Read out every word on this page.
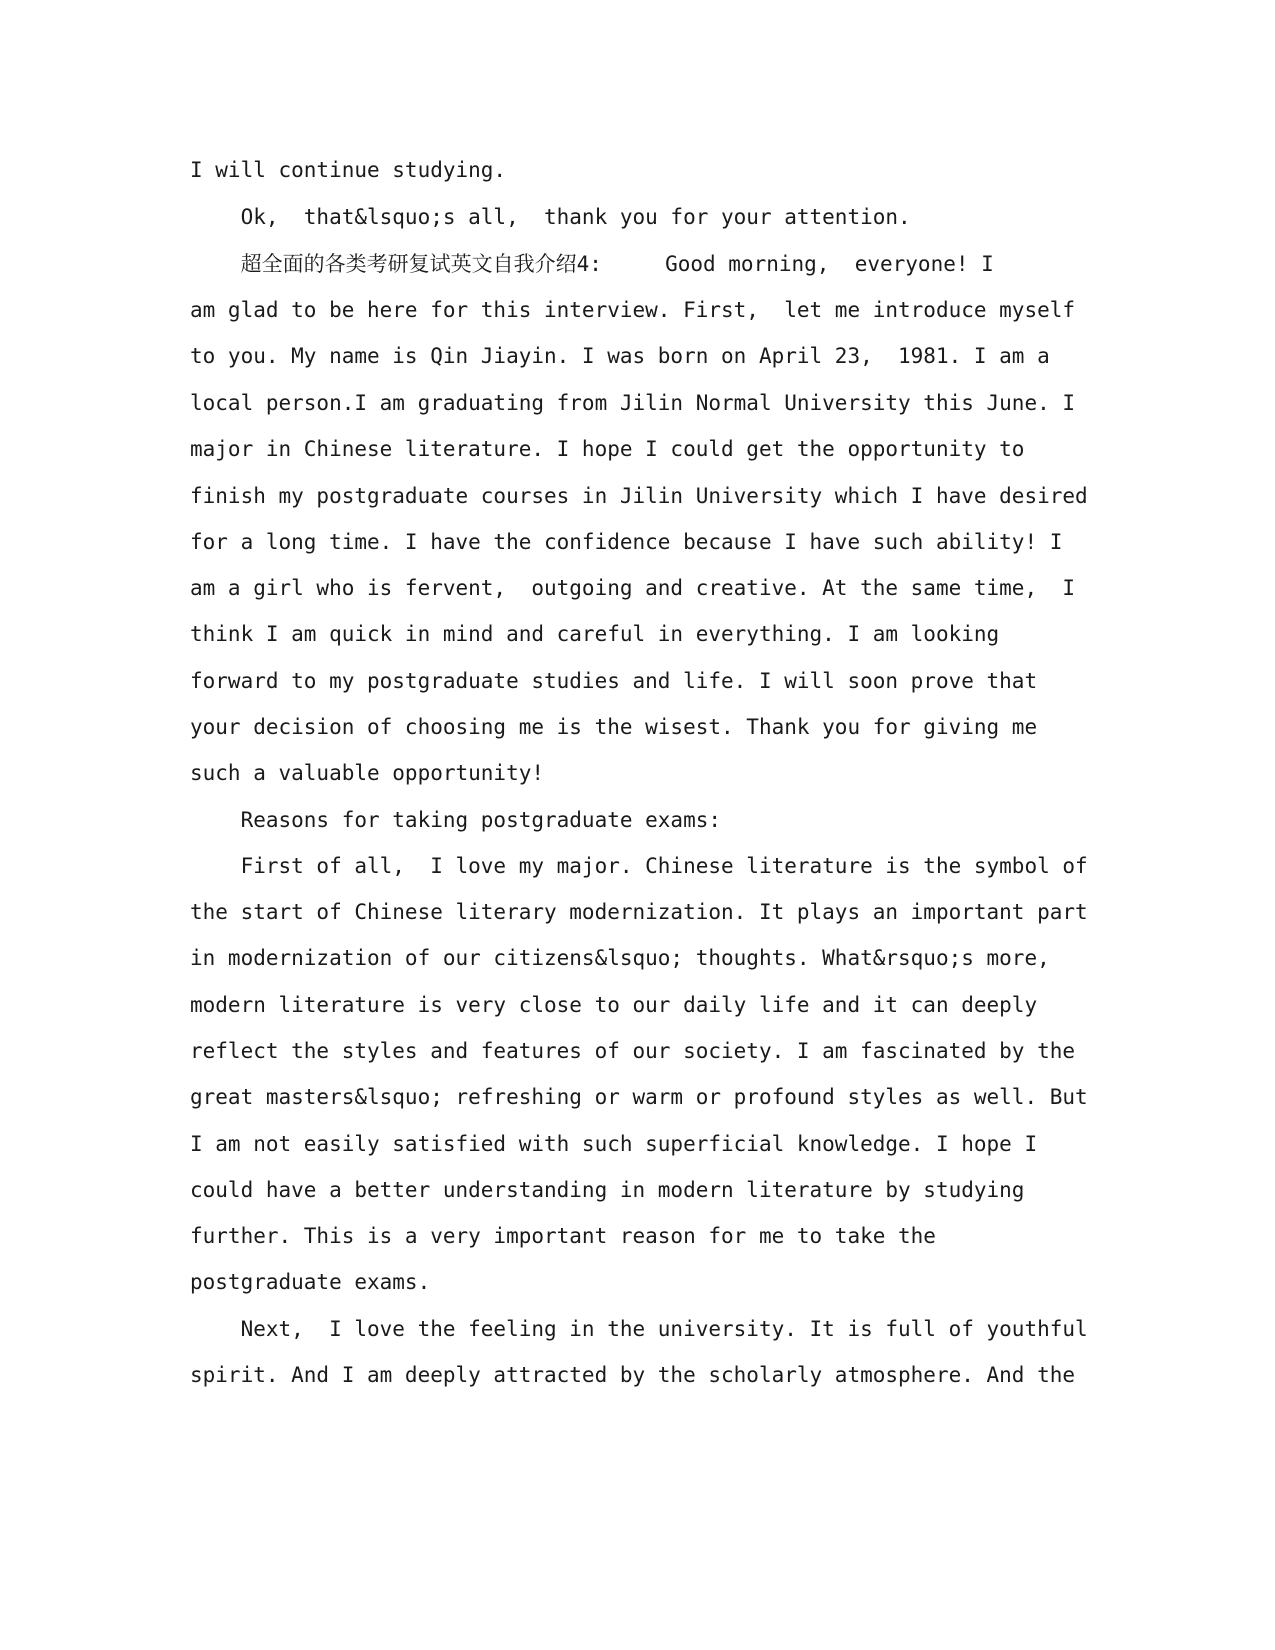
I will continue studying.

Ok,  that&lsquo;s all,  thank you for your attention.

超全面的各类考研复试英文自我介绍4:     Good morning,  everyone! I

am glad to be here for this interview. First,  let me introduce myself

to you. My name is Qin Jiayin. I was born on April 23,  1981. I am a

local person.I am graduating from Jilin Normal University this June. I

major in Chinese literature. I hope I could get the opportunity to

finish my postgraduate courses in Jilin University which I have desired

for a long time. I have the confidence because I have such ability! I

am a girl who is fervent,  outgoing and creative. At the same time,  I

think I am quick in mind and careful in everything. I am looking

forward to my postgraduate studies and life. I will soon prove that

your decision of choosing me is the wisest. Thank you for giving me

such a valuable opportunity!

Reasons for taking postgraduate exams:

First of all,  I love my major. Chinese literature is the symbol of

the start of Chinese literary modernization. It plays an important part

in modernization of our citizens&lsquo; thoughts. What&rsquo;s more,

modern literature is very close to our daily life and it can deeply

reflect the styles and features of our society. I am fascinated by the

great masters&lsquo; refreshing or warm or profound styles as well. But

I am not easily satisfied with such superficial knowledge. I hope I

could have a better understanding in modern literature by studying

further. This is a very important reason for me to take the

postgraduate exams.

Next,  I love the feeling in the university. It is full of youthful

spirit. And I am deeply attracted by the scholarly atmosphere. And the
